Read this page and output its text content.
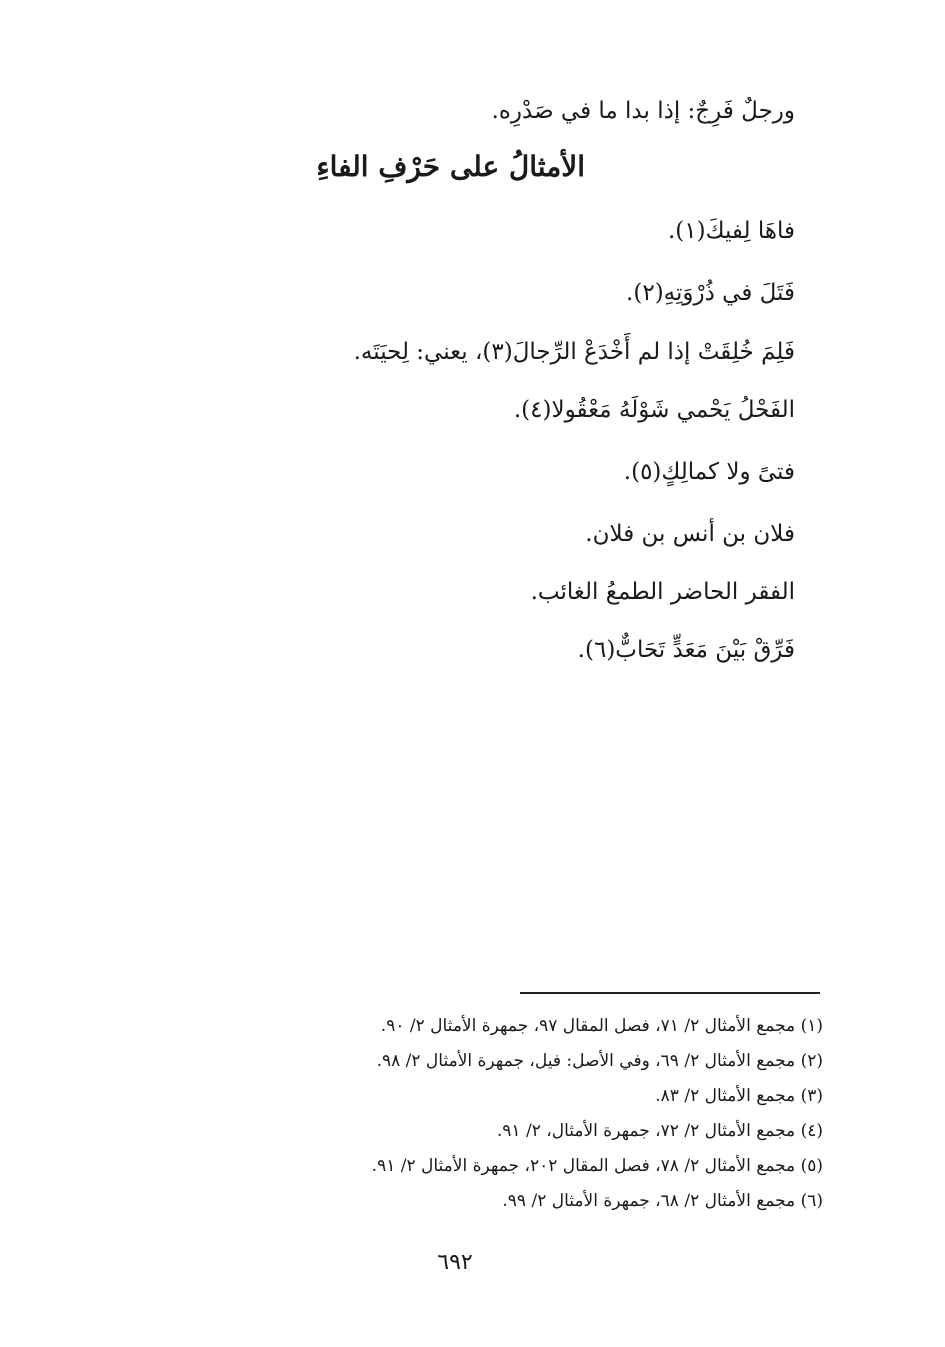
ورجلٌ فَرِجٌ: إذا بدا ما في صَدْرِه.
الأمثالُ على حَرْفِ الفاءِ
فاهَا لِفيكَ(١).
فَتَلَ في ذُرْوَتِهِ(٢).
فَلِمَ خُلِقَتْ إذا لم أَخْدَعْ الرِّجالَ(٣)، يعني: لِحيَتَه.
الفَحْلُ يَحْمي شَوْلَهُ مَعْقُولا(٤).
فتىً ولا كمالِكٍ(٥).
فلان بن أنس بن فلان.
الفقر الحاضر الطمعُ الغائب.
فَرِّقْ بَيْنَ مَعَدٍّ تَحَابٌّ(٦).
(١) مجمع الأمثال ٢/ ٧١، فصل المقال ٩٧، جمهرة الأمثال ٢/ ٩٠.
(٢) مجمع الأمثال ٢/ ٦٩، وفي الأصل: فيل، جمهرة الأمثال ٢/ ٩٨.
(٣) مجمع الأمثال ٢/ ٨٣.
(٤) مجمع الأمثال ٢/ ٧٢، جمهرة الأمثال، ٢/ ٩١.
(٥) مجمع الأمثال ٢/ ٧٨، فصل المقال ٢٠٢، جمهرة الأمثال ٢/ ٩١.
(٦) مجمع الأمثال ٢/ ٦٨، جمهرة الأمثال ٢/ ٩٩.
٦٩٢
